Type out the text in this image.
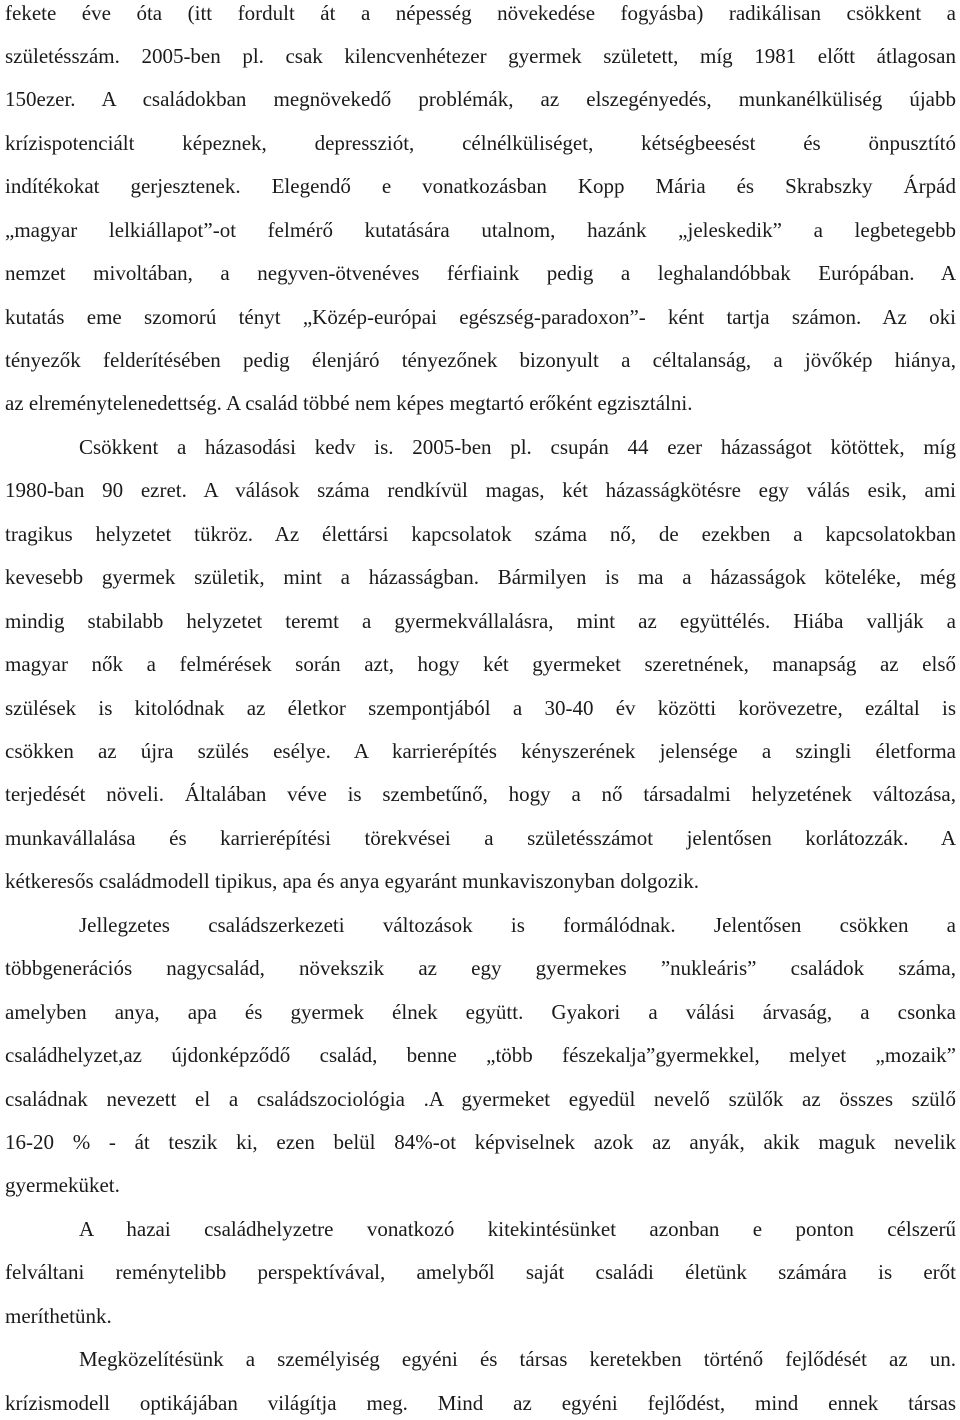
fekete éve óta (itt fordult át a népesség növekedése fogyásba) radikálisan csökkent a
születésszám. 2005-ben pl. csak kilencvenhétezer gyermek született, míg 1981 előtt átlagosan
150ezer. A családokban megnövekedő problémák, az elszegényedés, munkanélküliség újabb
krízispotenciált képeznek, depressziót, célnélküliséget, kétségbeesést és önpusztító
indítékokat gerjesztenek. Elegendő e vonatkozásban Kopp Mária és Skrabszky Árpád
„magyar lelkiállapot”-ot felmérő kutatására utalnom, hazánk „jeleskedik” a legbetegebb
nemzet mivoltában, a negyven-ötvenéves férfiaink pedig a leghalandóbbak Európában. A
kutatás eme szomorú tényt „Közép-európai egészség-paradoxon”- ként tartja számon. Az oki
tényezők felderítésében pedig élenjáró tényezőnek bizonyult a céltalanság, a jövőkép hiánya,
az elreménytelenedettség. A család többé nem képes megtartó erőként egzisztálni.
Csökkent a házasodási kedv is. 2005-ben pl. csupán 44 ezer házasságot kötöttek, míg
1980-ban 90 ezret. A válások száma rendkívül magas, két házasságkötésre egy válás esik, ami
tragikus helyzetet tükröz. Az élettársi kapcsolatok száma nő, de ezekben a kapcsolatokban
kevesebb gyermek születik, mint a házasságban. Bármilyen is ma a házasságok köteléke, még
mindig stabilabb helyzetet teremt a gyermekvállalásra, mint az együttélés. Hiába vallják a
magyar nők a felmérések során azt, hogy két gyermeket szeretnének, manapság az első
szülések is kitolódnak az életkor szempontjából a 30-40 év közötti korövezetre, ezáltal is
csökken az újra szülés esélye. A karrierépítés kényszerének jelensége a szingli életforma
terjedését növeli. Általában véve is szembetűnő, hogy a nő társadalmi helyzetének változása,
munkavállalása és karrierépítési törekvései a születésszámot jelentősen korlátozzák. A
kétkeresős családmodell tipikus, apa és anya egyaránt munkaviszonyban dolgozik.
Jellegzetes családszerkezeti változások is formálódnak. Jelentősen csökken a
többgenerációs nagycsalád, növekszik az egy gyermekes ”nukleáris” családok száma,
amelyben anya, apa és gyermek élnek együtt. Gyakori a válási árvaság, a csonka
családhelyzet,az újdonképződő család, benne „több fészekalja”gyermekkel, melyet „mozaik”
családnak nevezett el a családszociológia .A gyermeket egyedül nevelő szülők az összes szülő
16-20 % - át teszik ki, ezen belül 84%-ot képviselnek azok az anyák, akik maguk nevelik
gyermeküket.
A hazai családhelyzetre vonatkozó kitekintésünket azonban e ponton célszerű
felváltani reménytelibb perspektívával, amelyből saját családi életünk számára is erőt
meríthetünk.
Megközelítésünk a személyiség egyéni és társas keretekben történő fejlődését az un.
krízismodell optikájában világítja meg. Mind az egyéni fejlődést, mind ennek társas
